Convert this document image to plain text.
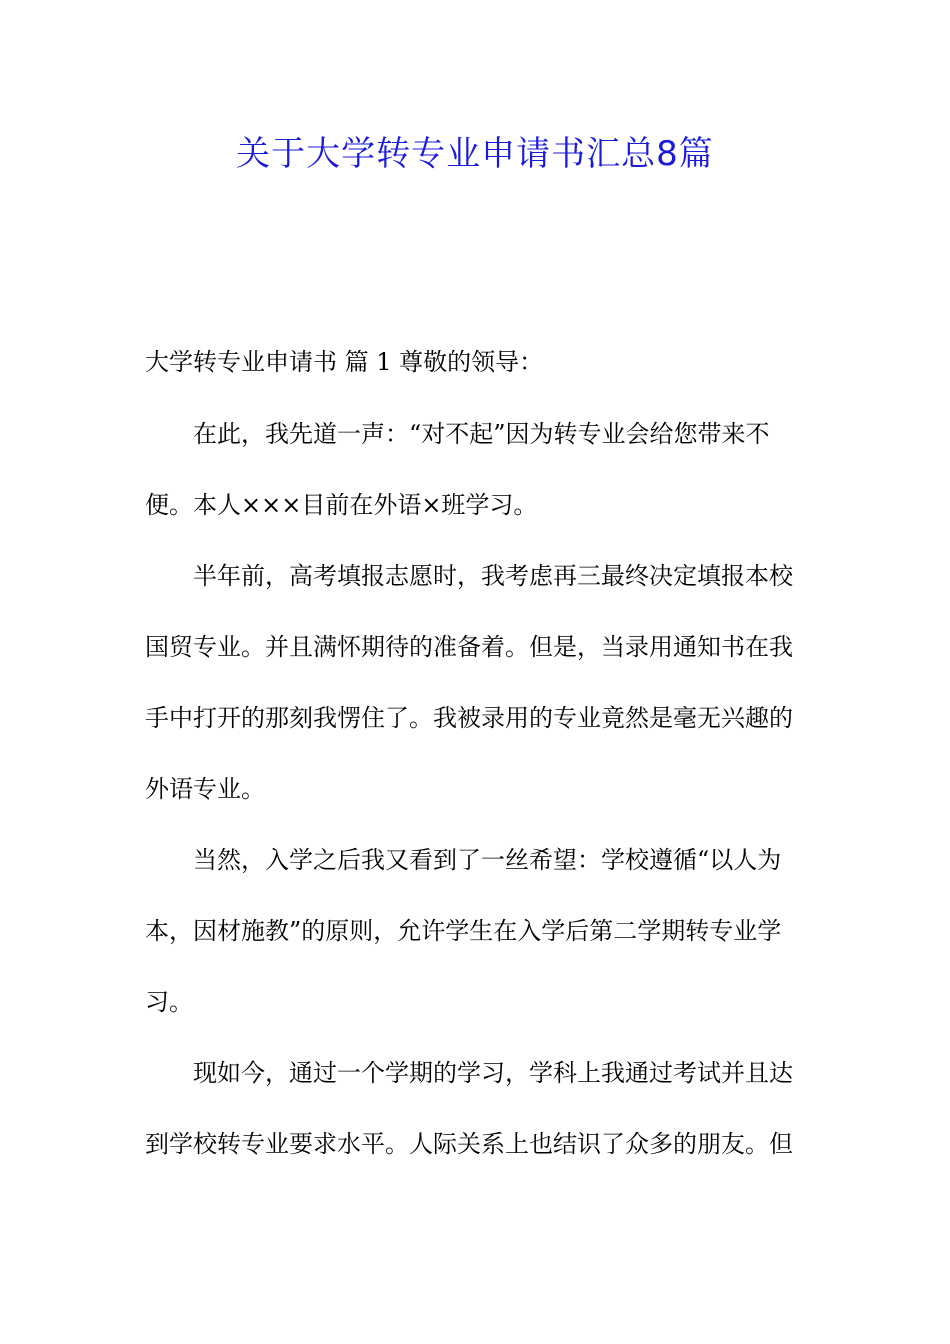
关于大学转专业申请书汇总8篇
大学转专业申请书 篇 1 尊敬的领导：
在此，我先道一声：“对不起”因为转专业会给您带来不
便。本人×××目前在外语×班学习。
半年前，高考填报志愿时，我考虑再三最终决定填报本校
国贸专业。并且满怀期待的准备着。但是，当录用通知书在我
手中打开的那刻我愣住了。我被录用的专业竟然是毫无兴趣的
外语专业。
当然，入学之后我又看到了一丝希望：学校遵循“以人为
本，因材施教”的原则，允许学生在入学后第二学期转专业学
习。
现如今，通过一个学期的学习，学科上我通过考试并且达
到学校转专业要求水平。人际关系上也结识了众多的朋友。但
